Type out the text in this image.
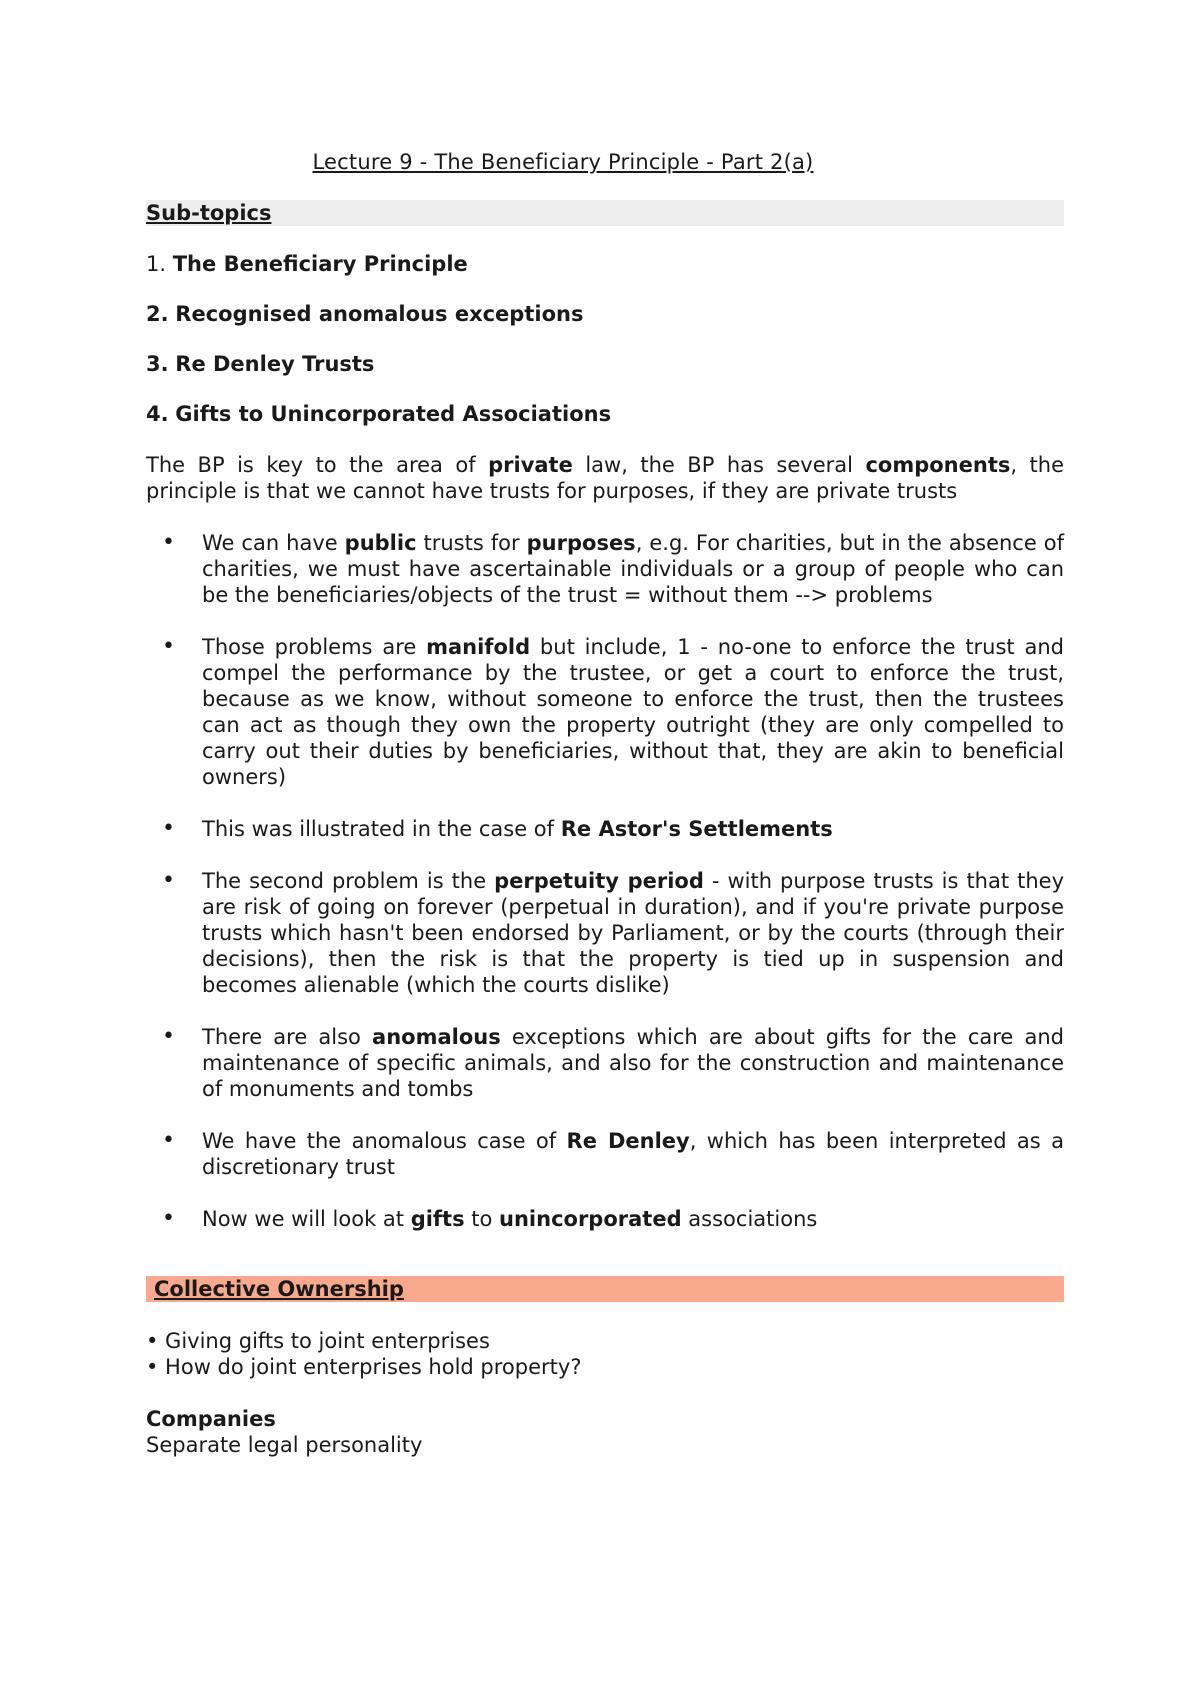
Lecture 9 - The Beneficiary Principle - Part 2(a)
Sub-topics
1. The Beneficiary Principle
2. Recognised anomalous exceptions
3. Re Denley Trusts
4. Gifts to Unincorporated Associations
The BP is key to the area of private law, the BP has several components, the principle is that we cannot have trusts for purposes, if they are private trusts
• We can have public trusts for purposes, e.g. For charities, but in the absence of charities, we must have ascertainable individuals or a group of people who can be the beneficiaries/objects of the trust = without them --> problems
• Those problems are manifold but include, 1 - no-one to enforce the trust and compel the performance by the trustee, or get a court to enforce the trust, because as we know, without someone to enforce the trust, then the trustees can act as though they own the property outright (they are only compelled to carry out their duties by beneficiaries, without that, they are akin to beneficial owners)
• This was illustrated in the case of Re Astor's Settlements
• The second problem is the perpetuity period - with purpose trusts is that they are risk of going on forever (perpetual in duration), and if you're private purpose trusts which hasn't been endorsed by Parliament, or by the courts (through their decisions), then the risk is that the property is tied up in suspension and becomes alienable (which the courts dislike)
• There are also anomalous exceptions which are about gifts for the care and maintenance of specific animals, and also for the construction and maintenance of monuments and tombs
• We have the anomalous case of Re Denley, which has been interpreted as a discretionary trust
• Now we will look at gifts to unincorporated associations
Collective Ownership
• Giving gifts to joint enterprises
• How do joint enterprises hold property?
Companies
Separate legal personality
